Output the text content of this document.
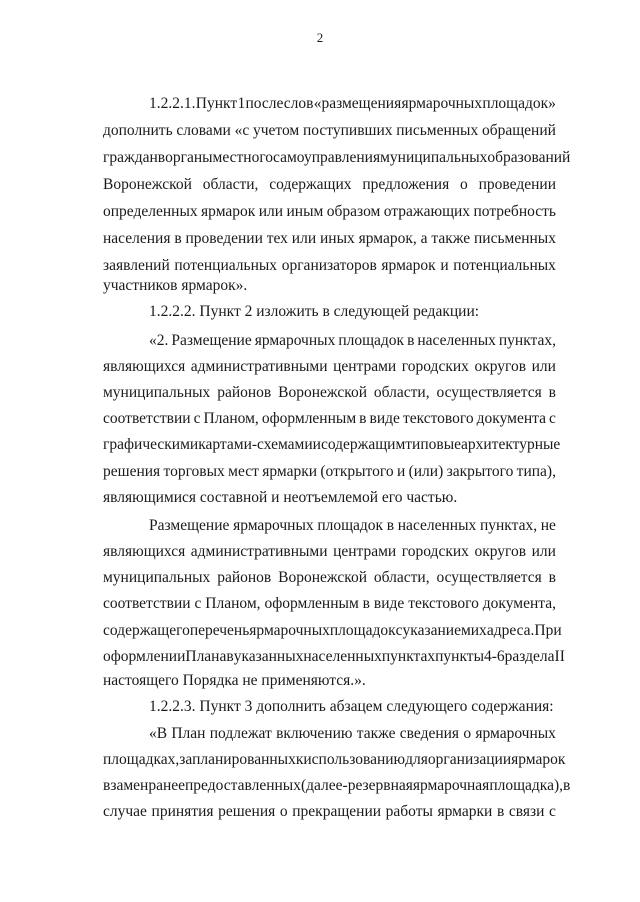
2
1.2.2.1. Пункт 1 после слов «размещения ярмарочных площадок»
дополнить словами «с учетом поступивших письменных обращений
граждан в органы местного самоуправления муниципальных образований
Воронежской области, содержащих предложения о проведении
определенных ярмарок или иным образом отражающих потребность
населения в проведении тех или иных ярмарок, а также письменных
заявлений потенциальных организаторов ярмарок и потенциальных
участников ярмарок».
1.2.2.2. Пункт 2 изложить в следующей редакции:
«2. Размещение ярмарочных площадок в населенных пунктах,
являющихся административными центрами городских округов или
муниципальных районов Воронежской области, осуществляется в
соответствии с Планом, оформленным в виде текстового документа с
графическими картами-схемами и содержащим типовые архитектурные
решения торговых мест ярмарки (открытого и (или) закрытого типа),
являющимися составной и неотъемлемой его частью.
Размещение ярмарочных площадок в населенных пунктах, не
являющихся административными центрами городских округов или
муниципальных районов Воронежской области, осуществляется в
соответствии с Планом, оформленным в виде текстового документа,
содержащего перечень ярмарочных площадок с указанием их адреса. При
оформлении Плана в указанных населенных пунктах пункты 4-6 раздела II
настоящего Порядка не применяются.».
1.2.2.3. Пункт 3 дополнить абзацем следующего содержания:
«В План подлежат включению также сведения о ярмарочных
площадках, запланированных к использованию для организации ярмарок
взамен ранее предоставленных (далее - резервная ярмарочная площадка), в
случае принятия решения о прекращении работы ярмарки в связи с
